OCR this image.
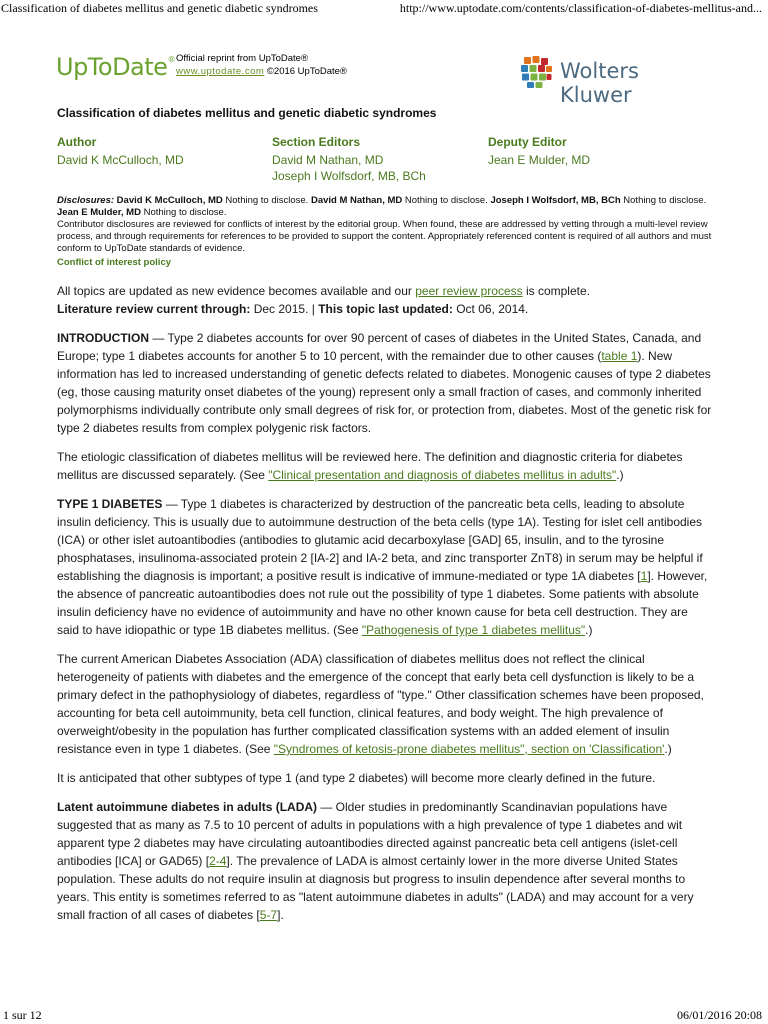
Classification of diabetes mellitus and genetic diabetic syndromes	http://www.uptodate.com/contents/classification-of-diabetes-mellitus-and...
UpToDate® Official reprint from UpToDate®
www.uptodate.com ©2016 UpToDate®	Wolters Kluwer
Classification of diabetes mellitus and genetic diabetic syndromes
Author
David K McCulloch, MD
Section Editors
David M Nathan, MD
Joseph I Wolfsdorf, MB, BCh
Deputy Editor
Jean E Mulder, MD
Disclosures: David K McCulloch, MD Nothing to disclose. David M Nathan, MD Nothing to disclose. Joseph I Wolfsdorf, MB, BCh Nothing to disclose. Jean E Mulder, MD Nothing to disclose.
Contributor disclosures are reviewed for conflicts of interest by the editorial group. When found, these are addressed by vetting through a multi-level review process, and through requirements for references to be provided to support the content. Appropriately referenced content is required of all authors and must conform to UpToDate standards of evidence.
Conflict of interest policy
All topics are updated as new evidence becomes available and our peer review process is complete.

Literature review current through: Dec 2015. | This topic last updated: Oct 06, 2014.

INTRODUCTION — Type 2 diabetes accounts for over 90 percent of cases of diabetes in the United States, Canada, and Europe; type 1 diabetes accounts for another 5 to 10 percent, with the remainder due to other causes (table 1). New information has led to increased understanding of genetic defects related to diabetes. Monogenic causes of type 2 diabetes (eg, those causing maturity onset diabetes of the young) represent only a small fraction of cases, and commonly inherited polymorphisms individually contribute only small degrees of risk for, or protection from, diabetes. Most of the genetic risk for type 2 diabetes results from complex polygenic risk factors.

The etiologic classification of diabetes mellitus will be reviewed here. The definition and diagnostic criteria for diabetes mellitus are discussed separately. (See "Clinical presentation and diagnosis of diabetes mellitus in adults".)

TYPE 1 DIABETES — Type 1 diabetes is characterized by destruction of the pancreatic beta cells, leading to absolute insulin deficiency. This is usually due to autoimmune destruction of the beta cells (type 1A). Testing for islet cell antibodies (ICA) or other islet autoantibodies (antibodies to glutamic acid decarboxylase [GAD] 65, insulin, and to the tyrosine phosphatases, insulinoma-associated protein 2 [IA-2] and IA-2 beta, and zinc transporter ZnT8) in serum may be helpful if establishing the diagnosis is important; a positive result is indicative of immune-mediated or type 1A diabetes [1]. However, the absence of pancreatic autoantibodies does not rule out the possibility of type 1 diabetes. Some patients with absolute insulin deficiency have no evidence of autoimmunity and have no other known cause for beta cell destruction. They are said to have idiopathic or type 1B diabetes mellitus. (See "Pathogenesis of type 1 diabetes mellitus".)

The current American Diabetes Association (ADA) classification of diabetes mellitus does not reflect the clinical heterogeneity of patients with diabetes and the emergence of the concept that early beta cell dysfunction is likely to be a primary defect in the pathophysiology of diabetes, regardless of "type." Other classification schemes have been proposed, accounting for beta cell autoimmunity, beta cell function, clinical features, and body weight. The high prevalence of overweight/obesity in the population has further complicated classification systems with an added element of insulin resistance even in type 1 diabetes. (See "Syndromes of ketosis-prone diabetes mellitus", section on 'Classification'.)

It is anticipated that other subtypes of type 1 (and type 2 diabetes) will become more clearly defined in the future.

Latent autoimmune diabetes in adults (LADA) — Older studies in predominantly Scandinavian populations have suggested that as many as 7.5 to 10 percent of adults in populations with a high prevalence of type 1 diabetes and wit apparent type 2 diabetes may have circulating autoantibodies directed against pancreatic beta cell antigens (islet-cell antibodies [ICA] or GAD65) [2-4]. The prevalence of LADA is almost certainly lower in the more diverse United States population. These adults do not require insulin at diagnosis but progress to insulin dependence after several months to years. This entity is sometimes referred to as "latent autoimmune diabetes in adults" (LADA) and may account for a very small fraction of all cases of diabetes [5-7].

1 sur 12	06/01/2016 20:08
